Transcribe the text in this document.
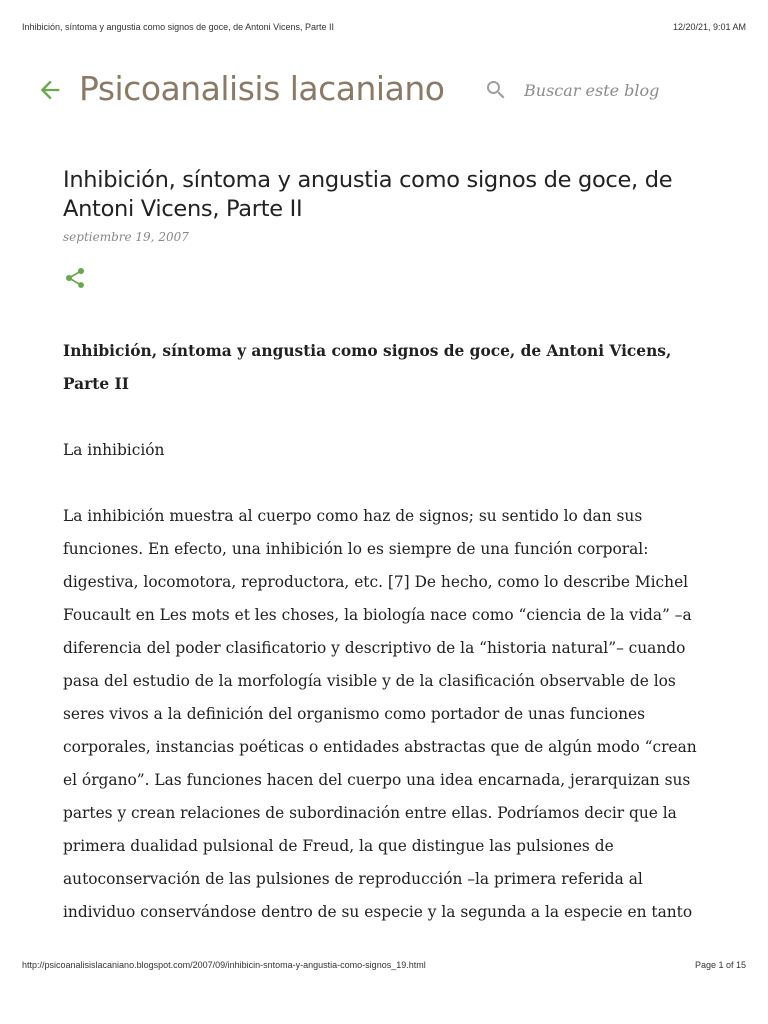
Inhibición, síntoma y angustia como signos de goce, de Antoni Vicens, Parte II	12/20/21, 9:01 AM
Psicoanalisis lacaniano
Buscar este blog
Inhibición, síntoma y angustia como signos de goce, de Antoni Vicens, Parte II
septiembre 19, 2007

Inhibición, síntoma y angustia como signos de goce, de Antoni Vicens, Parte II

La inhibición

La inhibición muestra al cuerpo como haz de signos; su sentido lo dan sus funciones. En efecto, una inhibición lo es siempre de una función corporal: digestiva, locomotora, reproductora, etc. [7] De hecho, como lo describe Michel Foucault en Les mots et les choses, la biología nace como “ciencia de la vida” –a diferencia del poder clasificatorio y descriptivo de la “historia natural”– cuando pasa del estudio de la morfología visible y de la clasificación observable de los seres vivos a la definición del organismo como portador de unas funciones corporales, instancias poéticas o entidades abstractas que de algún modo “crean el órgano”. Las funciones hacen del cuerpo una idea encarnada, jerarquizan sus partes y crean relaciones de subordinación entre ellas. Podríamos decir que la primera dualidad pulsional de Freud, la que distingue las pulsiones de autoconservación de las pulsiones de reproducción –la primera referida al individuo conservándose dentro de su especie y la segunda a la especie en tanto

http://psicoanalisislacaniano.blogspot.com/2007/09/inhibicin-sntoma-y-angustia-como-signos_19.html	Page 1 of 15
